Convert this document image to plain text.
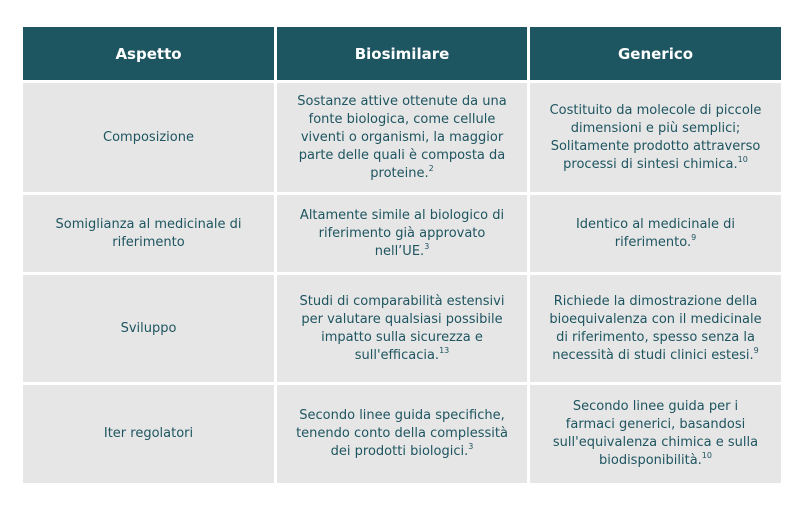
Aspetto	Biosimilare	Generico
Composizione
Sostanze attive ottenute da una fonte biologica, come cellule viventi o organismi, la maggior parte delle quali è composta da proteine.$^2$
Costituito da molecole di piccole dimensioni e più semplici; Solitamente prodotto attraverso processi di sintesi chimica.$^{10}$
Somiglianza al medicinale di riferimento
Altamente simile al biologico di riferimento già approvato nell’UE.$^3$
Identico al medicinale di riferimento.$^9$
Sviluppo
Studi di comparabilità estensivi per valutare qualsiasi possibile impatto sulla sicurezza e sull'efficacia.$^{13}$
Richiede la dimostrazione della bioequivalenza con il medicinale di riferimento, spesso senza la necessità di studi clinici estesi.$^9$
Iter regolatori
Secondo linee guida specifiche, tenendo conto della complessità dei prodotti biologici.$^3$
Secondo linee guida per i farmaci generici, basandosi sull'equivalenza chimica e sulla biodisponibilità.$^{10}$
